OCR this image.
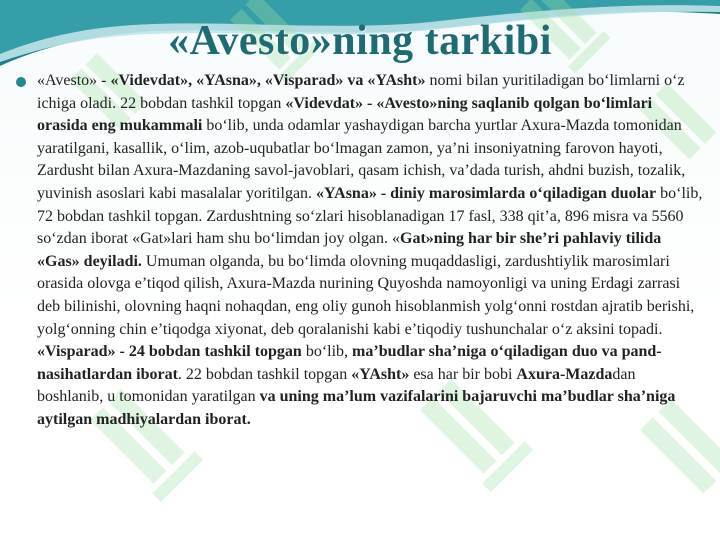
«Avesto»ning tarkibi

«Avesto» - «Videvdat», «YAsna», «Visparad» va «YAsht» nomi bilan yuritiladigan bo‘limlarni o‘z ichiga oladi. 22 bobdan tashkil topgan «Videvdat» - «Avesto»ning saqlanib qolgan bo‘limlari orasida eng mukammali bo‘lib, unda odamlar yashaydigan barcha yurtlar Axura-Mazda tomonidan yaratilgani, kasallik, o‘lim, azob-uqubatlar bo‘lmagan zamon, ya’ni insoniyatning farovon hayoti, Zardusht bilan Axura-Mazdaning savol-javoblari, qasam ichish, va’dada turish, ahdni buzish, tozalik, yuvinish asoslari kabi masalalar yoritilgan. «YAsna» - diniy marosimlarda o‘qiladigan duolar bo‘lib, 72 bobdan tashkil topgan. Zardushtning so‘zlari hisoblanadigan 17 fasl, 338 qit’a, 896 misra va 5560 so‘zdan iborat «Gat»lari ham shu bo‘limdan joy olgan. «Gat»ning har bir she’ri pahlaviy tilida «Gas» deyiladi. Umuman olganda, bu bo‘limda olovning muqaddasligi, zardushtiylik marosimlari orasida olovga e’tiqod qilish, Axura-Mazda nurining Quyoshda namoyonligi va uning Erdagi zarrasi deb bilinishi, olovning haqni nohaqdan, eng oliy gunoh hisoblanmish yolg‘onni rostdan ajratib berishi, yolg‘onning chin e’tiqodga xiyonat, deb qoralanishi kabi e’tiqodiy tushunchalar o‘z aksini topadi. «Visparad» - 24 bobdan tashkil topgan bo‘lib, ma’budlar sha’niga o‘qiladigan duo va pand-nasihatlardan iborat. 22 bobdan tashkil topgan «YAsht» esa har bir bobi Axura-Mazdadan boshlanib, u tomonidan yaratilgan va uning ma’lum vazifalarini bajaruvchi ma’budlar sha’niga aytilgan madhiyalardan iborat.
